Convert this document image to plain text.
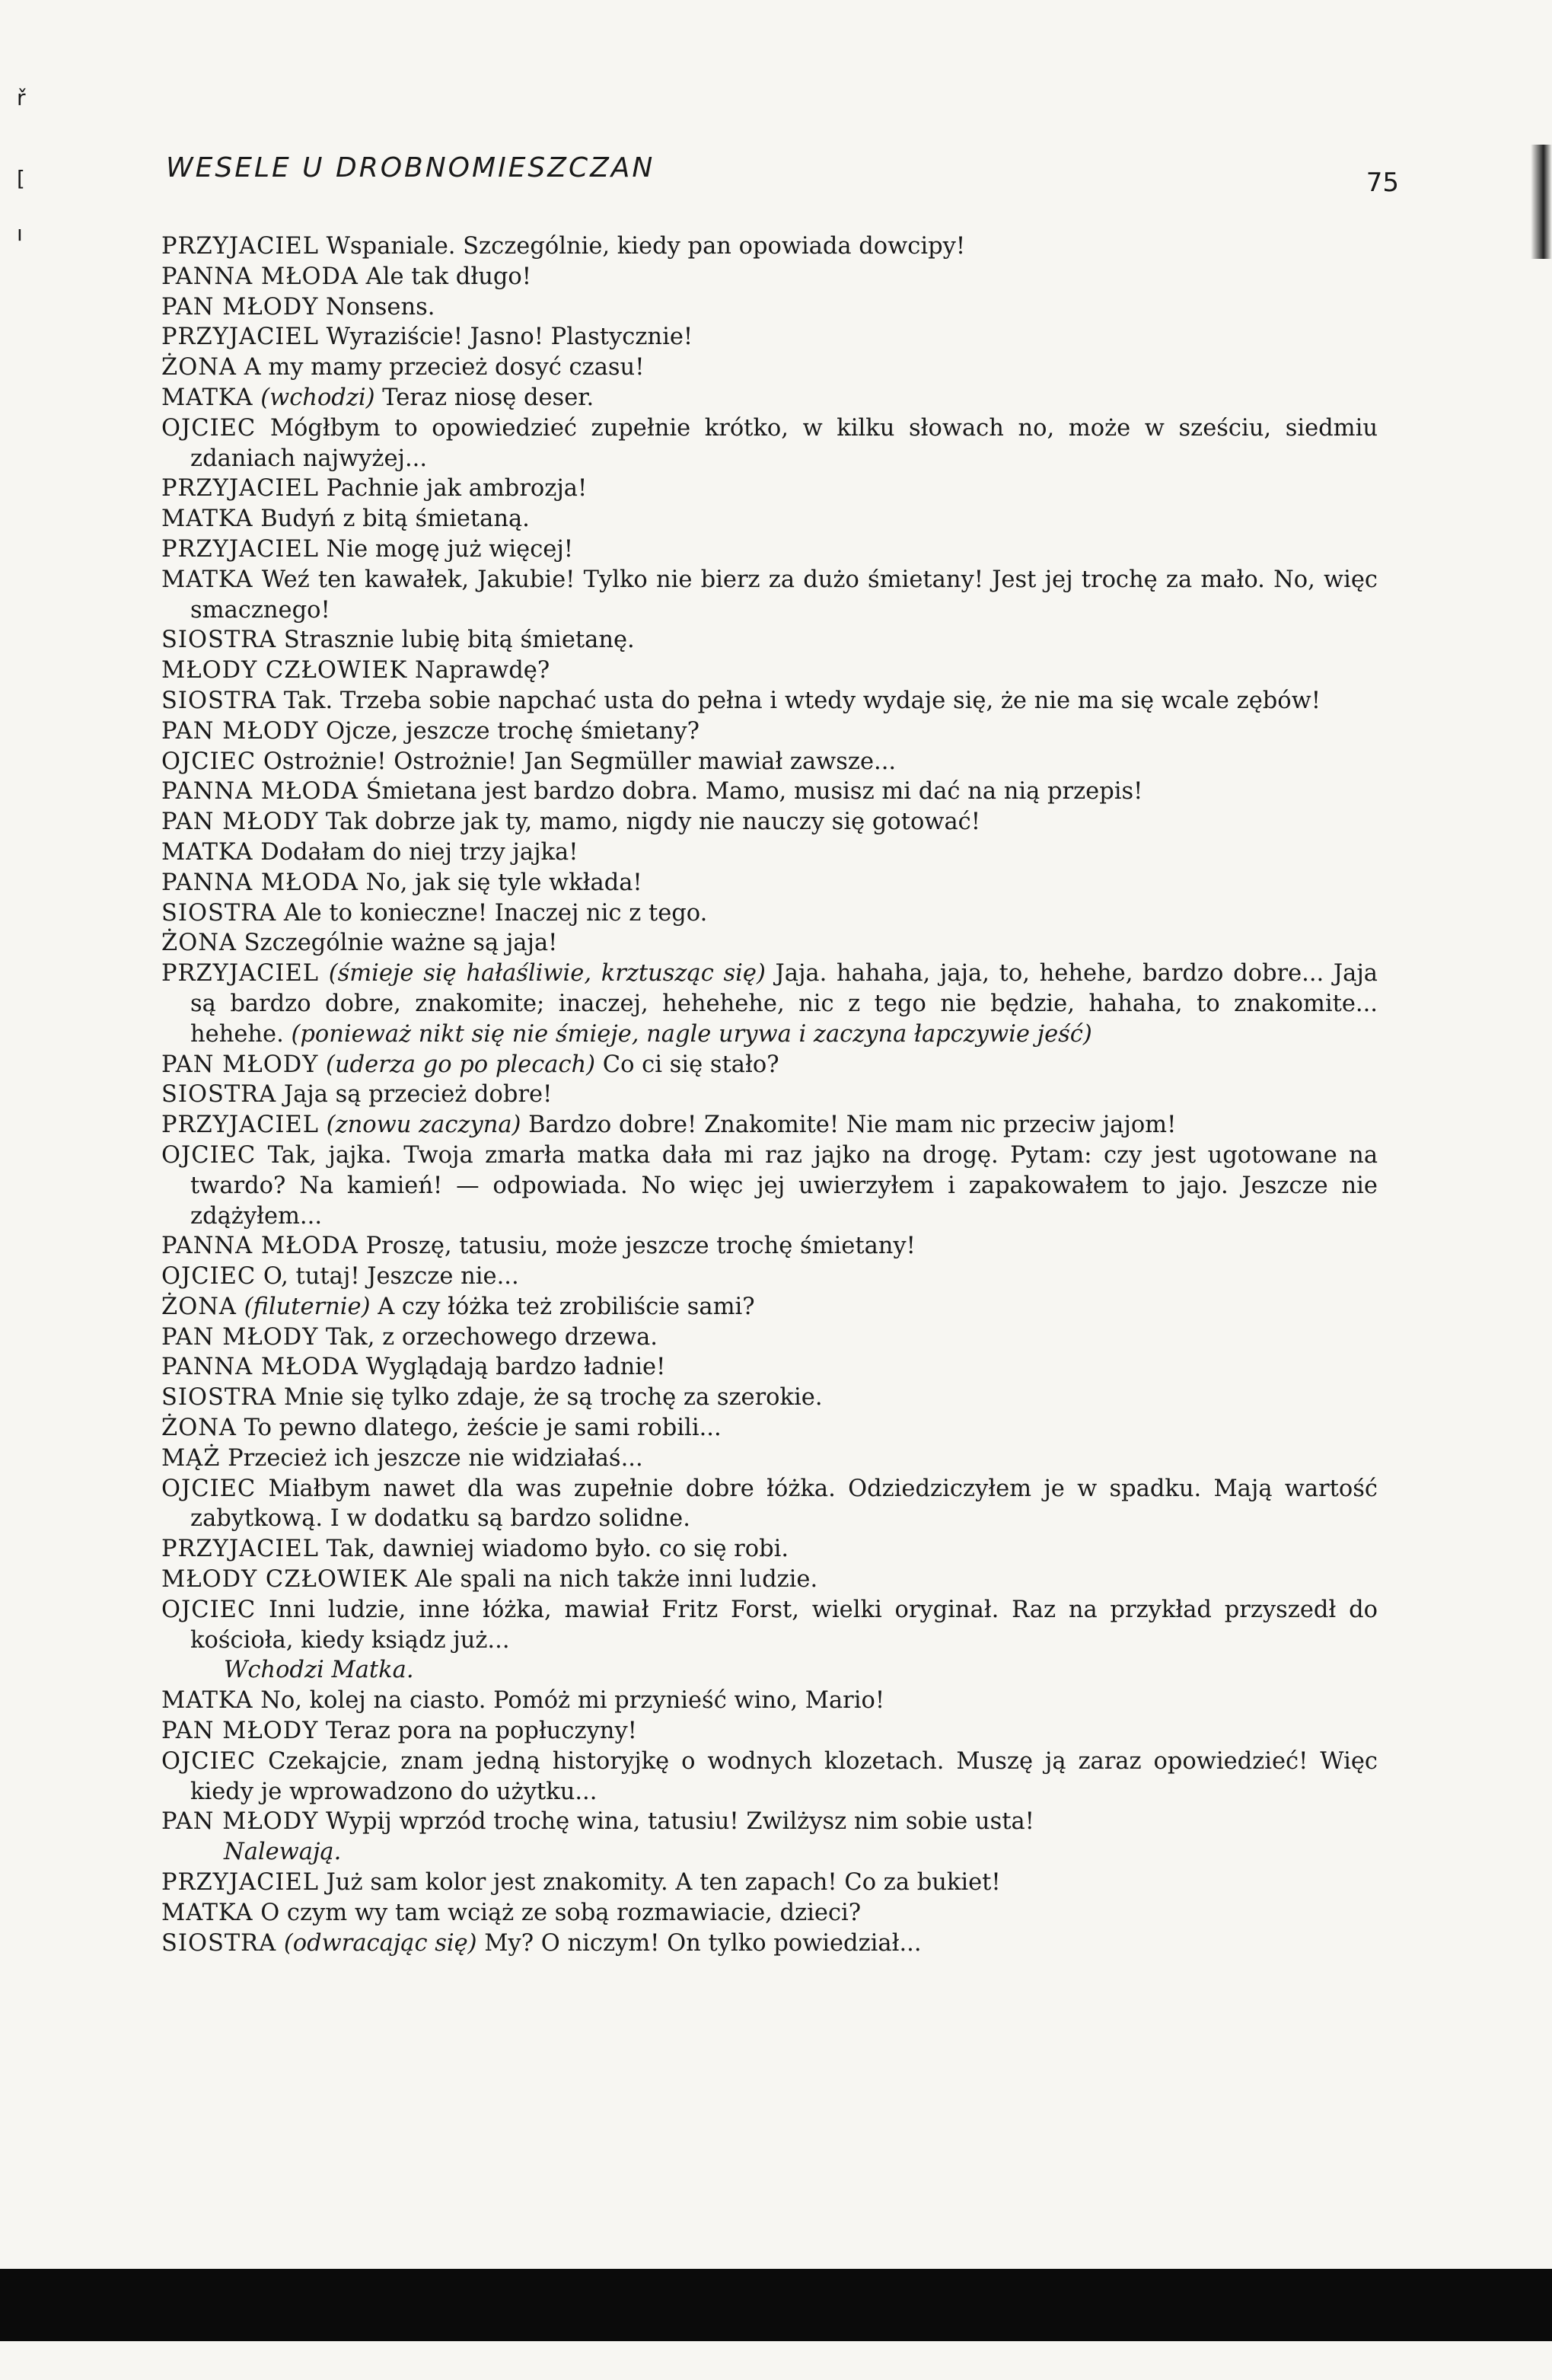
ř
[
ı
WESELE U DROBNOMIESZCZAN	75
PRZYJACIEL Wspaniale. Szczególnie, kiedy pan opowiada dowcipy!
PANNA MŁODA Ale tak długo!
PAN MŁODY Nonsens.
PRZYJACIEL Wyraziście! Jasno! Plastycznie!
ŻONA A my mamy przecież dosyć czasu!
MATKA (wchodzi) Teraz niosę deser.
OJCIEC Mógłbym to opowiedzieć zupełnie krótko, w kilku słowach no, może w sześciu, siedmiu zdaniach najwyżej...
PRZYJACIEL Pachnie jak ambrozja!
MATKA Budyń z bitą śmietaną.
PRZYJACIEL Nie mogę już więcej!
MATKA Weź ten kawałek, Jakubie! Tylko nie bierz za dużo śmietany! Jest jej trochę za mało. No, więc smacznego!
SIOSTRA Strasznie lubię bitą śmietanę.
MŁODY CZŁOWIEK Naprawdę?
SIOSTRA Tak. Trzeba sobie napchać usta do pełna i wtedy wydaje się, że nie ma się wcale zębów!
PAN MŁODY Ojcze, jeszcze trochę śmietany?
OJCIEC Ostrożnie! Ostrożnie! Jan Segmüller mawiał zawsze...
PANNA MŁODA Śmietana jest bardzo dobra. Mamo, musisz mi dać na nią przepis!
PAN MŁODY Tak dobrze jak ty, mamo, nigdy nie nauczy się gotować!
MATKA Dodałam do niej trzy jajka!
PANNA MŁODA No, jak się tyle wkłada!
SIOSTRA Ale to konieczne! Inaczej nic z tego.
ŻONA Szczególnie ważne są jaja!
PRZYJACIEL (śmieje się hałaśliwie, krztusząc się) Jaja. hahaha, jaja, to, hehehe, bardzo dobre... Jaja są bardzo dobre, znakomite; inaczej, hehehehe, nic z tego nie będzie, hahaha, to znakomite... hehehe. (ponieważ nikt się nie śmieje, nagle urywa i zaczyna łapczywie jeść)
PAN MŁODY (uderza go po plecach) Co ci się stało?
SIOSTRA Jaja są przecież dobre!
PRZYJACIEL (znowu zaczyna) Bardzo dobre! Znakomite! Nie mam nic przeciw jajom!
OJCIEC Tak, jajka. Twoja zmarła matka dała mi raz jajko na drogę. Pytam: czy jest ugotowane na twardo? Na kamień! — odpowiada. No więc jej uwierzyłem i zapakowałem to jajo. Jeszcze nie zdążyłem...
PANNA MŁODA Proszę, tatusiu, może jeszcze trochę śmietany!
OJCIEC O, tutaj! Jeszcze nie...
ŻONA (filuternie) A czy łóżka też zrobiliście sami?
PAN MŁODY Tak, z orzechowego drzewa.
PANNA MŁODA Wyglądają bardzo ładnie!
SIOSTRA Mnie się tylko zdaje, że są trochę za szerokie.
ŻONA To pewno dlatego, żeście je sami robili...
MĄŻ Przecież ich jeszcze nie widziałaś...
OJCIEC Miałbym nawet dla was zupełnie dobre łóżka. Odziedziczyłem je w spadku. Mają wartość zabytkową. I w dodatku są bardzo solidne.
PRZYJACIEL Tak, dawniej wiadomo było. co się robi.
MŁODY CZŁOWIEK Ale spali na nich także inni ludzie.
OJCIEC Inni ludzie, inne łóżka, mawiał Fritz Forst, wielki oryginał. Raz na przykład przyszedł do kościoła, kiedy ksiądz już...
Wchodzi Matka.
MATKA No, kolej na ciasto. Pomóż mi przynieść wino, Mario!
PAN MŁODY Teraz pora na popłuczyny!
OJCIEC Czekajcie, znam jedną historyjkę o wodnych klozetach. Muszę ją zaraz opowiedzieć! Więc kiedy je wprowadzono do użytku...
PAN MŁODY Wypij wprzód trochę wina, tatusiu! Zwilżysz nim sobie usta!
Nalewają.
PRZYJACIEL Już sam kolor jest znakomity. A ten zapach! Co za bukiet!
MATKA O czym wy tam wciąż ze sobą rozmawiacie, dzieci?
SIOSTRA (odwracając się) My? O niczym! On tylko powiedział...
